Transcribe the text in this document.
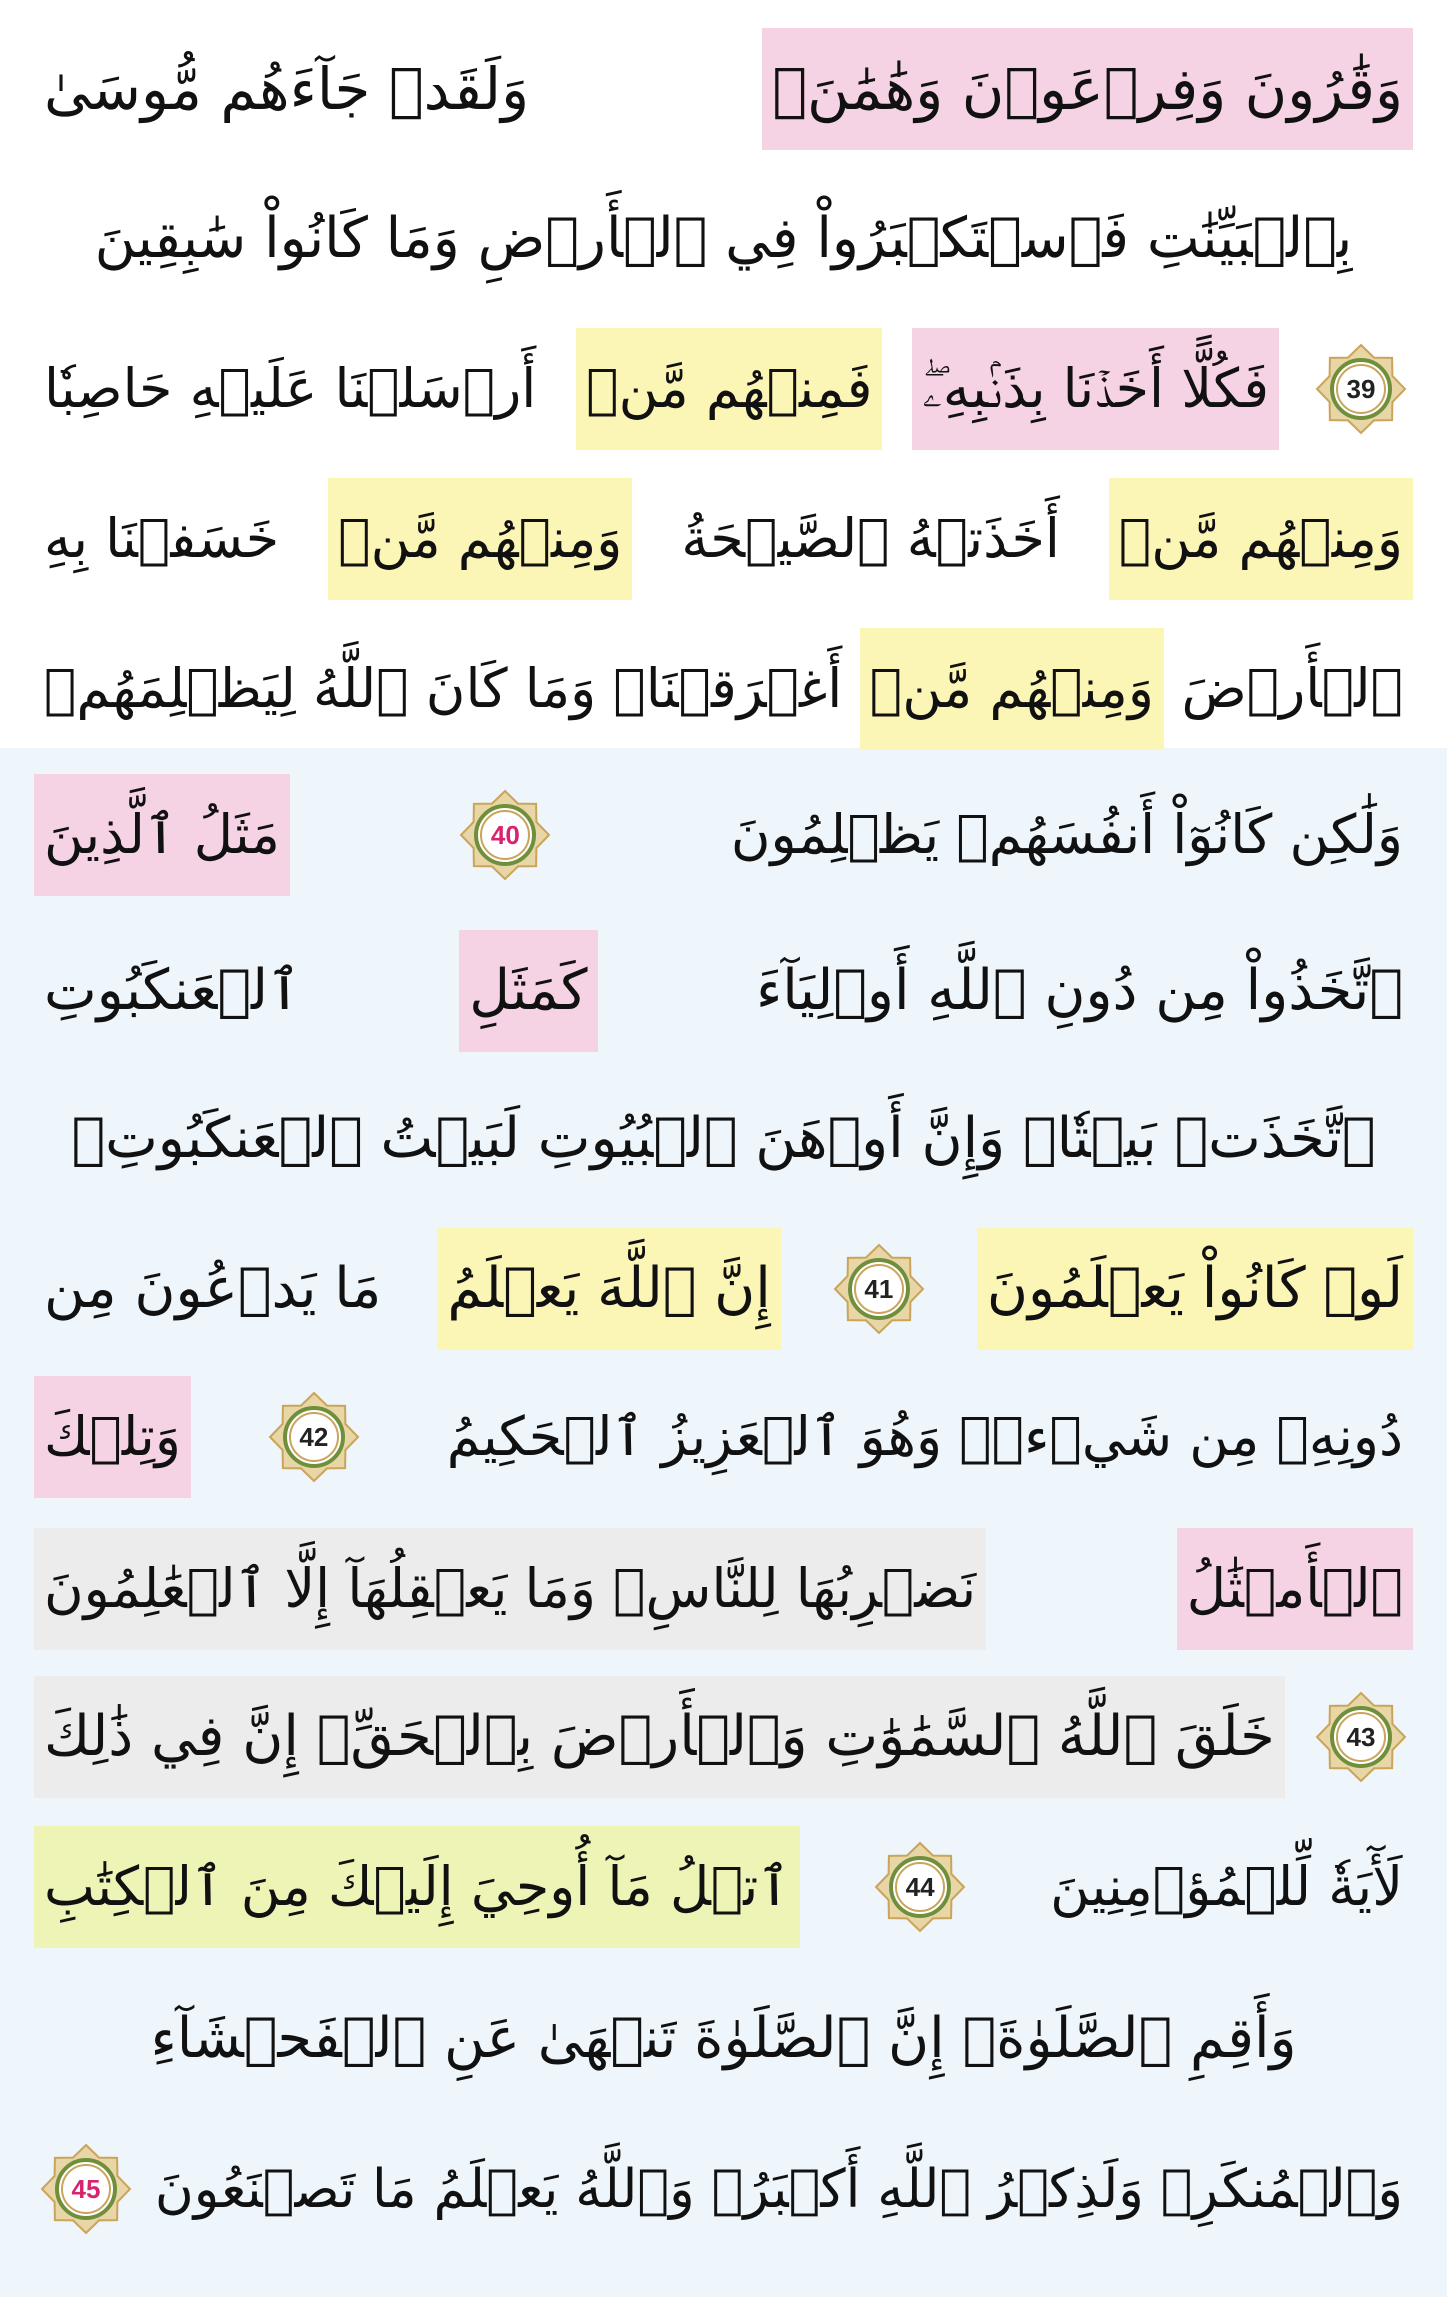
وَقَٰرُونَ وَفِرۡعَوۡنَ وَهَٰمَٰنَۖ
وَلَقَدۡ جَآءَهُم مُّوسَىٰ
بِٱلۡبَيِّنَٰتِ فَٱسۡتَكۡبَرُواْ فِي ٱلۡأَرۡضِ وَمَا كَانُواْ سَٰبِقِينَ
39
فَكُلًّا أَخَذۡنَا بِذَنۢبِهِۦۖ
فَمِنۡهُم مَّنۡ
أَرۡسَلۡنَا عَلَيۡهِ حَاصِبٗا
وَمِنۡهُم مَّنۡ
أَخَذَتۡهُ ٱلصَّيۡحَةُ
وَمِنۡهُم مَّنۡ
خَسَفۡنَا بِهِ
ٱلۡأَرۡضَ
وَمِنۡهُم مَّنۡ
أَغۡرَقۡنَاۚ وَمَا كَانَ ٱللَّهُ لِيَظۡلِمَهُمۡ
وَلَٰكِن كَانُوٓاْ أَنفُسَهُمۡ يَظۡلِمُونَ
40
مَثَلُ ٱلَّذِينَ
ٱتَّخَذُواْ مِن دُونِ ٱللَّهِ أَوۡلِيَآءَ
كَمَثَلِ
ٱلۡعَنكَبُوتِ
ٱتَّخَذَتۡ بَيۡتٗاۖ وَإِنَّ أَوۡهَنَ ٱلۡبُيُوتِ لَبَيۡتُ ٱلۡعَنكَبُوتِۚ
لَوۡ كَانُواْ يَعۡلَمُونَ
41
إِنَّ ٱللَّهَ يَعۡلَمُ
مَا يَدۡعُونَ مِن
دُونِهِۦ مِن شَيۡءٖۚ وَهُوَ ٱلۡعَزِيزُ ٱلۡحَكِيمُ
42
وَتِلۡكَ
ٱلۡأَمۡثَٰلُ
نَضۡرِبُهَا لِلنَّاسِۖ وَمَا يَعۡقِلُهَآ إِلَّا ٱلۡعَٰلِمُونَ
43
خَلَقَ ٱللَّهُ ٱلسَّمَٰوَٰتِ وَٱلۡأَرۡضَ بِٱلۡحَقِّۚ إِنَّ فِي ذَٰلِكَ
لَأٓيَةٗ لِّلۡمُؤۡمِنِينَ
44
ٱتۡلُ مَآ أُوحِيَ إِلَيۡكَ مِنَ ٱلۡكِتَٰبِ
وَأَقِمِ ٱلصَّلَوٰةَۖ إِنَّ ٱلصَّلَوٰةَ تَنۡهَىٰ عَنِ ٱلۡفَحۡشَآءِ
وَٱلۡمُنكَرِۗ وَلَذِكۡرُ ٱللَّهِ أَكۡبَرُۗ وَٱللَّهُ يَعۡلَمُ مَا تَصۡنَعُونَ
45
